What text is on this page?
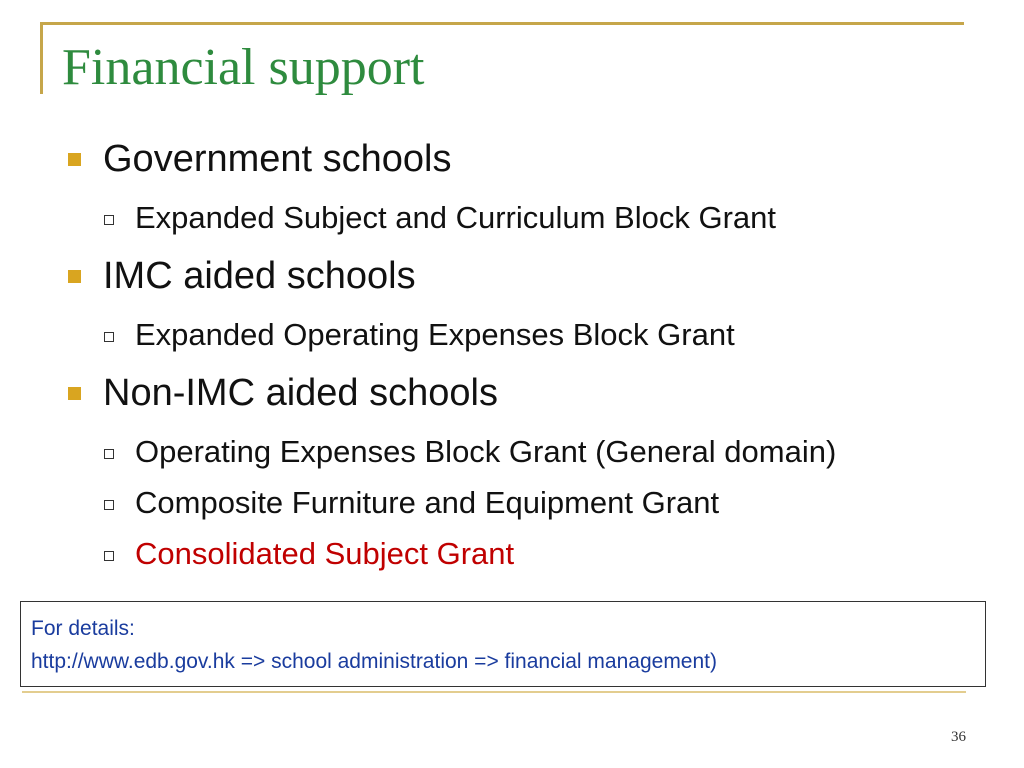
Financial support
Government schools
Expanded Subject and Curriculum Block Grant
IMC aided schools
Expanded Operating Expenses Block Grant
Non-IMC aided schools
Operating Expenses Block Grant (General domain)
Composite Furniture and Equipment Grant
Consolidated Subject Grant
For details:
http://www.edb.gov.hk => school administration => financial management)
36
